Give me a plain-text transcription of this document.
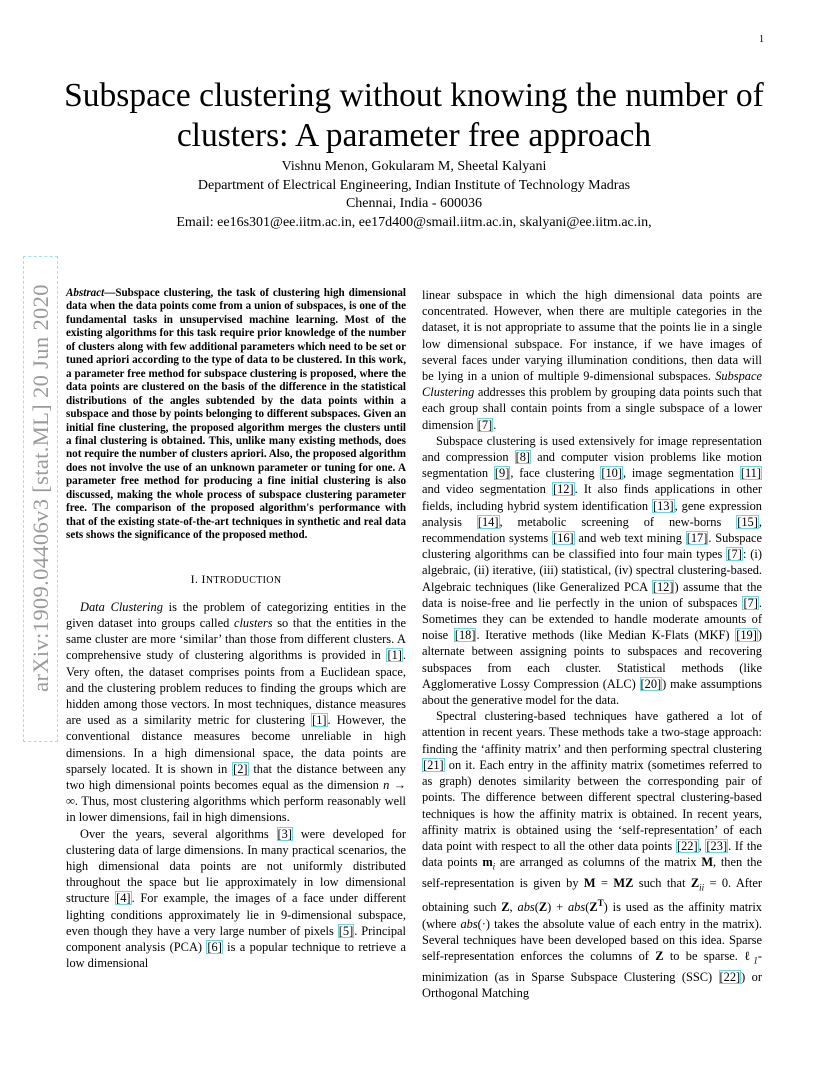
1
Subspace clustering without knowing the number of clusters: A parameter free approach
Vishnu Menon, Gokularam M, Sheetal Kalyani
Department of Electrical Engineering, Indian Institute of Technology Madras
Chennai, India - 600036
Email: ee16s301@ee.iitm.ac.in, ee17d400@smail.iitm.ac.in, skalyani@ee.iitm.ac.in,
arXiv:1909.04406v3 [stat.ML] 20 Jun 2020 Abstract—Subspace clustering, the task of clustering high dimensional data when the data points come from a union of subspaces, is one of the fundamental tasks in unsupervised machine learning. Most of the existing algorithms for this task require prior knowledge of the number of clusters along with few additional parameters which need to be set or tuned apriori according to the type of data to be clustered. In this work, a parameter free method for subspace clustering is proposed, where the data points are clustered on the basis of the difference in the statistical distributions of the angles subtended by the data points within a subspace and those by points belonging to different subspaces. Given an initial fine clustering, the proposed algorithm merges the clusters until a final clustering is obtained. This, unlike many existing methods, does not require the number of clusters apriori. Also, the proposed algorithm does not involve the use of an unknown parameter or tuning for one. A parameter free method for producing a fine initial clustering is also discussed, making the whole process of subspace clustering parameter free. The comparison of the proposed algorithm's performance with that of the existing state-of-the-art techniques in synthetic and real data sets shows the significance of the proposed method.

I. INTRODUCTION

Data Clustering is the problem of categorizing entities in the given dataset into groups called clusters so that the entities in the same cluster are more ‘similar’ than those from different clusters. A comprehensive study of clustering algorithms is provided in [1]. Very often, the dataset comprises points from a Euclidean space, and the clustering problem reduces to finding the groups which are hidden among those vectors. In most techniques, distance measures are used as a similarity metric for clustering [1]. However, the conventional distance measures become unreliable in high dimensions. In a high dimensional space, the data points are sparsely located. It is shown in [2] that the distance between any two high dimensional points becomes equal as the dimension n → ∞. Thus, most clustering algorithms which perform reasonably well in lower dimensions, fail in high dimensions.

Over the years, several algorithms [3] were developed for clustering data of large dimensions. In many practical scenarios, the high dimensional data points are not uniformly distributed throughout the space but lie approximately in low dimensional structure [4]. For example, the images of a face under different lighting conditions approximately lie in 9-dimensional subspace, even though they have a very large number of pixels [5]. Principal component analysis (PCA) [6] is a popular technique to retrieve a low dimensional

linear subspace in which the high dimensional data points are concentrated. However, when there are multiple categories in the dataset, it is not appropriate to assume that the points lie in a single low dimensional subspace. For instance, if we have images of several faces under varying illumination conditions, then data will be lying in a union of multiple 9-dimensional subspaces. Subspace Clustering addresses this problem by grouping data points such that each group shall contain points from a single subspace of a lower dimension [7].

Subspace clustering is used extensively for image representation and compression [8] and computer vision problems like motion segmentation [9], face clustering [10], image segmentation [11] and video segmentation [12]. It also finds applications in other fields, including hybrid system identification [13], gene expression analysis [14], metabolic screening of new-borns [15], recommendation systems [16] and web text mining [17]. Subspace clustering algorithms can be classified into four main types [7]: (i) algebraic, (ii) iterative, (iii) statistical, (iv) spectral clustering-based. Algebraic techniques (like Generalized PCA [12]) assume that the data is noise-free and lie perfectly in the union of subspaces [7]. Sometimes they can be extended to handle moderate amounts of noise [18]. Iterative methods (like Median K-Flats (MKF) [19]) alternate between assigning points to subspaces and recovering subspaces from each cluster. Statistical methods (like Agglomerative Lossy Compression (ALC) [20]) make assumptions about the generative model for the data.

Spectral clustering-based techniques have gathered a lot of attention in recent years. These methods take a two-stage approach: finding the ‘affinity matrix’ and then performing spectral clustering [21] on it. Each entry in the affinity matrix (sometimes referred to as graph) denotes similarity between the corresponding pair of points. The difference between different spectral clustering-based techniques is how the affinity matrix is obtained. In recent years, affinity matrix is obtained using the ‘self-representation’ of each data point with respect to all the other data points [22], [23]. If the data points $m_i$ are arranged as columns of the matrix M, then the self-representation is given by M = MZ such that $Z_{ii} = 0$. After obtaining such Z, $abs(Z) + abs(Z^T)$ is used as the affinity matrix (where abs(·) takes the absolute value of each entry in the matrix). Several techniques have been developed based on this idea. Sparse self-representation enforces the columns of Z to be sparse. ℓ$_1$-minimization (as in Sparse Subspace Clustering (SSC) [22]) or Orthogonal Matching
